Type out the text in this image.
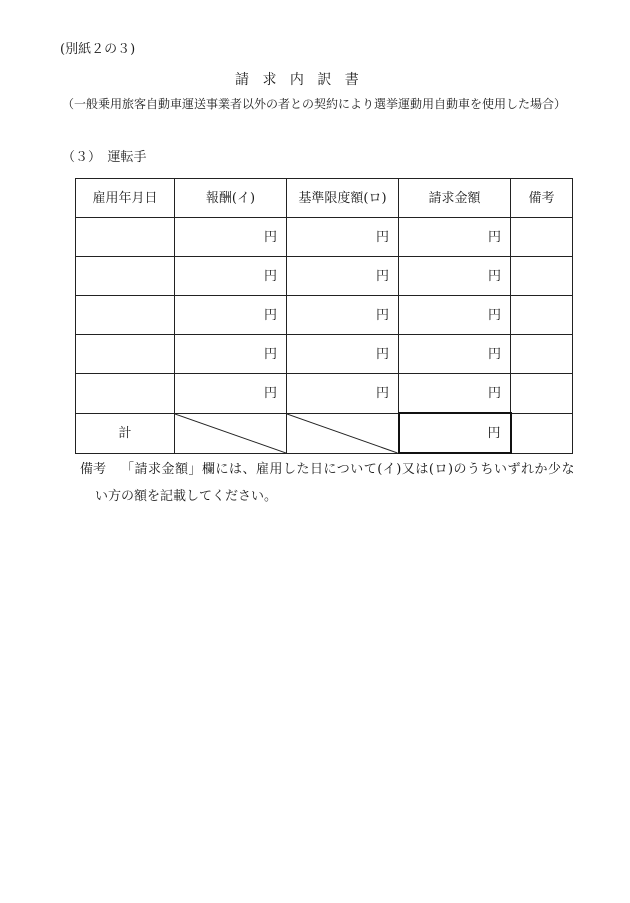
(別紙２の３)
請 求 内 訳 書
（一般乗用旅客自動車運送事業者以外の者との契約により選挙運動用自動車を使用した場合）
（３）　運転手
雇用年月日	報酬(イ)	基準限度額(ロ)	請求金額	備考
	円	円	円	
	円	円	円	
	円	円	円	
	円	円	円	
	円	円	円	
計			円	
備考 「請求金額」欄には、雇用した日について(イ)又は(ロ)のうちいずれか少な
い方の額を記載してください。
